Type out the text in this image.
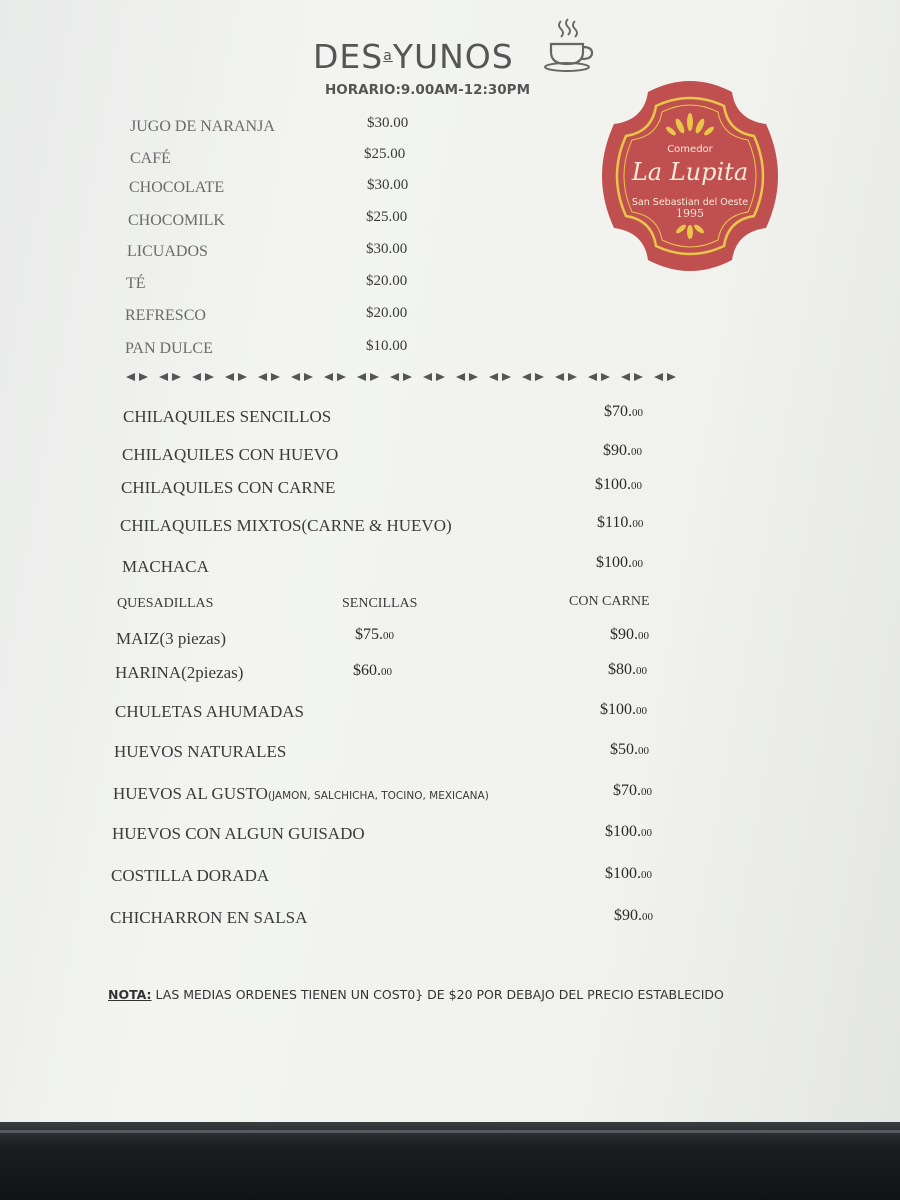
DES$^a$YUNOS
HORARIO:9.00AM-12:30PM
Comedor
La Lupita
San Sebastian del Oeste
1995
JUGO DE NARANJA	$30.00
CAFÉ	$25.00
CHOCOLATE	$30.00
CHOCOMILK	$25.00
LICUADOS	$30.00
TÉ	$20.00
REFRESCO	$20.00
PAN DULCE	$10.00
CHILAQUILES SENCILLOS	$70.00
CHILAQUILES CON HUEVO	$90.00
CHILAQUILES CON CARNE	$100.00
CHILAQUILES MIXTOS(CARNE & HUEVO)	$110.00
MACHACA	$100.00
QUESADILLAS	SENCILLAS	CON CARNE
MAIZ(3 piezas)	$75.00	$90.00
HARINA(2piezas)	$60.00	$80.00
CHULETAS AHUMADAS	$100.00
HUEVOS NATURALES	$50.00
HUEVOS AL GUSTO(JAMON, SALCHICHA, TOCINO, MEXICANA)	$70.00
HUEVOS CON ALGUN GUISADO	$100.00
COSTILLA DORADA	$100.00
CHICHARRON EN SALSA	$90.00
NOTA: LAS MEDIAS ORDENES TIENEN UN COST0} DE $20 POR DEBAJO DEL PRECIO ESTABLECIDO
